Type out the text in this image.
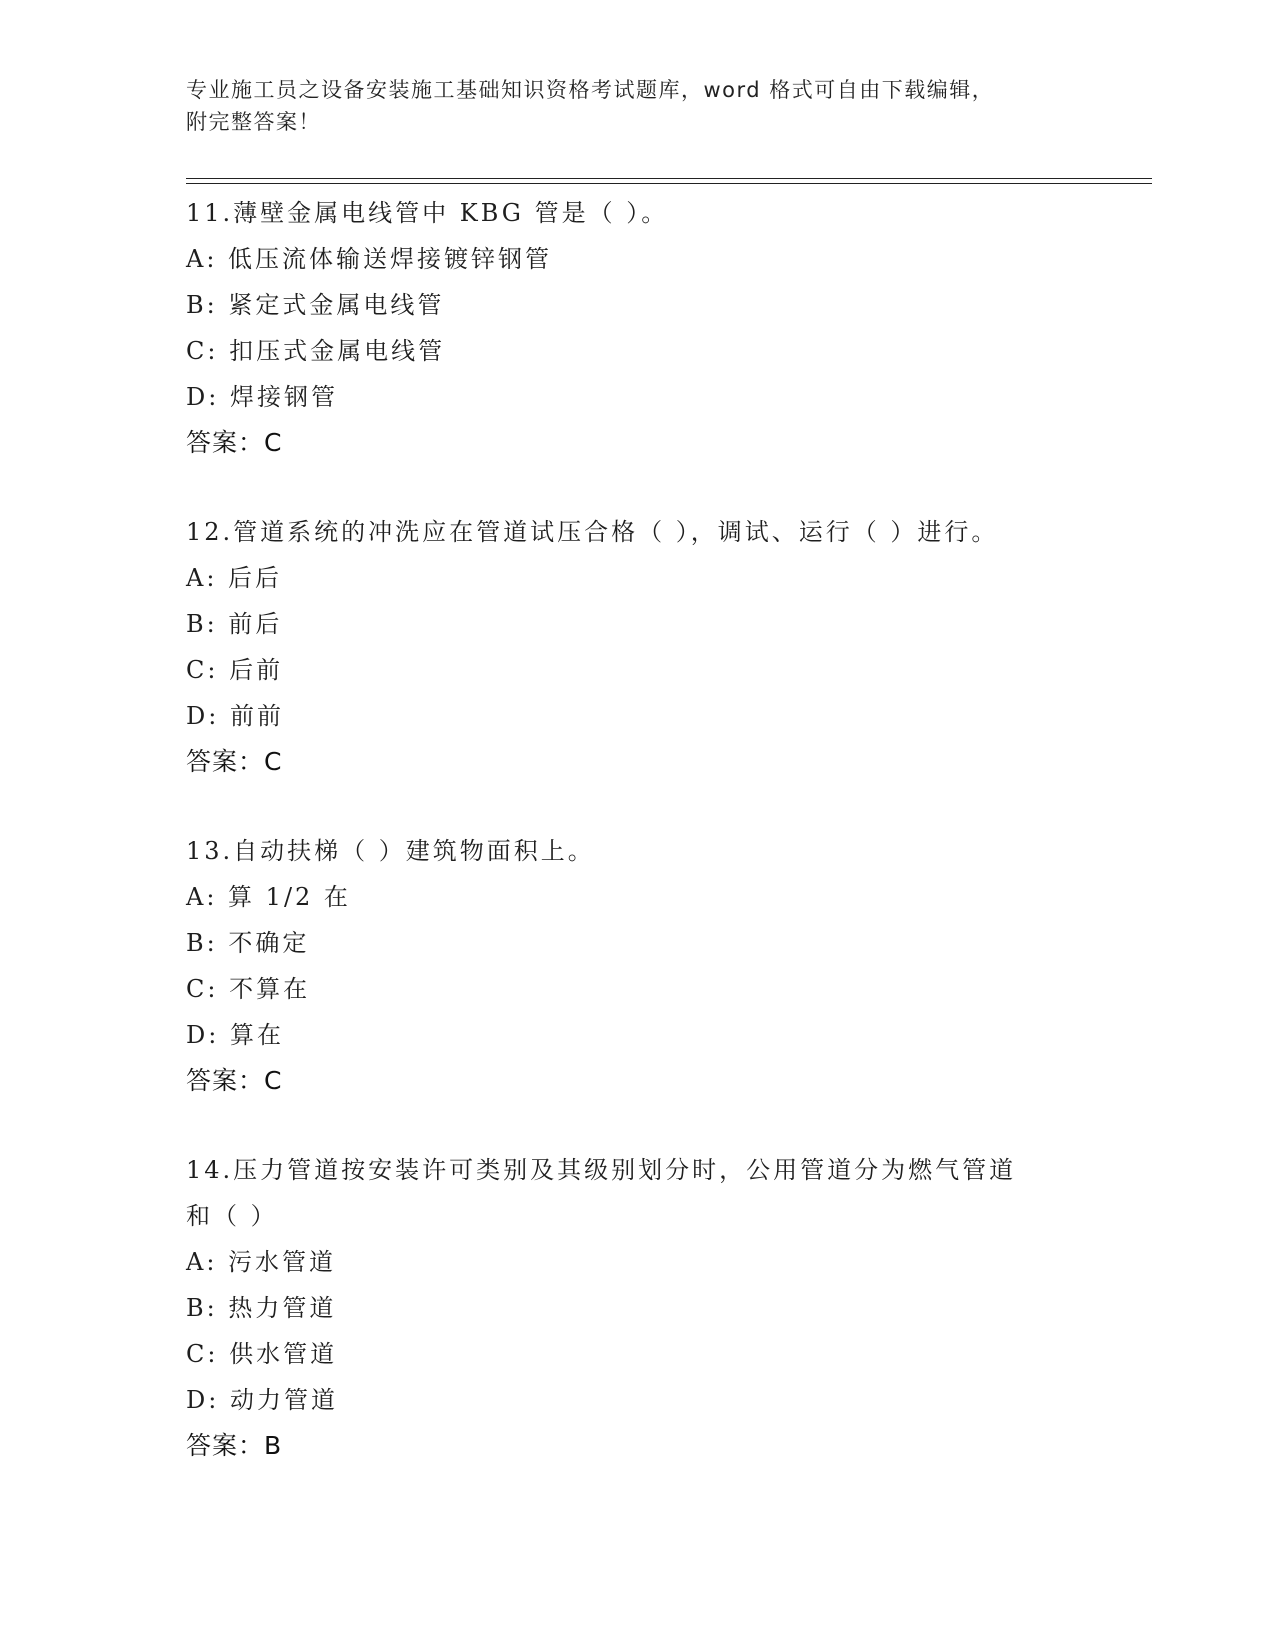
专业施工员之设备安装施工基础知识资格考试题库，word 格式可自由下载编辑，
附完整答案！
11.薄壁金属电线管中 KBG 管是（ ）。
A: 低压流体输送焊接镀锌钢管
B: 紧定式金属电线管
C: 扣压式金属电线管
D: 焊接钢管
答案：C
12.管道系统的冲洗应在管道试压合格（ ），调试、运行（ ）进行。
A: 后后
B: 前后
C: 后前
D: 前前
答案：C
13.自动扶梯（ ）建筑物面积上。
A: 算 1/2 在
B: 不确定
C: 不算在
D: 算在
答案：C
14.压力管道按安装许可类别及其级别划分时，公用管道分为燃气管道
和（ ）
A: 污水管道
B: 热力管道
C: 供水管道
D: 动力管道
答案：B
